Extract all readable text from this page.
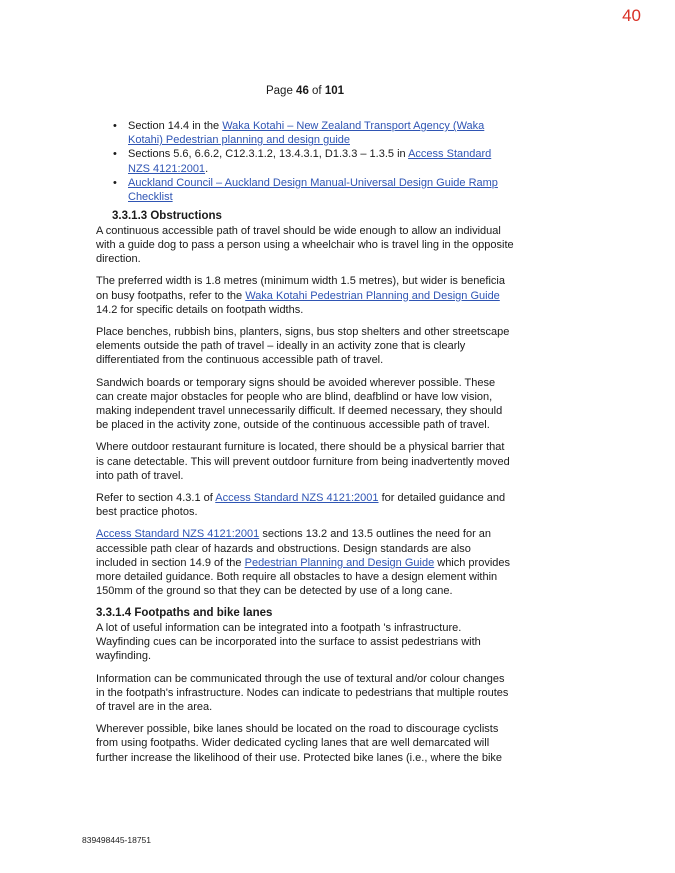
40
Page 46 of 101
• Section 14.4 in the Waka Kotahi – New Zealand Transport Agency (Waka Kotahi) Pedestrian planning and design guide
• Sections 5.6, 6.6.2, C12.3.1.2, 13.4.3.1, D1.3.3 – 1.3.5 in Access Standard NZS 4121:2001.
• Auckland Council – Auckland Design Manual-Universal Design Guide Ramp Checklist
3.3.1.3 Obstructions

A continuous accessible path of travel should be wide enough to allow an individual with a guide dog to pass a person using a wheelchair who is travel ling in the opposite direction.

The preferred width is 1.8 metres (minimum width 1.5 metres), but wider is beneficia on busy footpaths, refer to the Waka Kotahi Pedestrian Planning and Design Guide 14.2 for specific details on footpath widths.

Place benches, rubbish bins, planters, signs, bus stop shelters and other streetscape elements outside the path of travel – ideally in an activity zone that is clearly differentiated from the continuous accessible path of travel.

Sandwich boards or temporary signs should be avoided wherever possible. These can create major obstacles for people who are blind, deafblind or have low vision, making independent travel unnecessarily difficult. If deemed necessary, they should be placed in the activity zone, outside of the continuous accessible path of travel.

Where outdoor restaurant furniture is located, there should be a physical barrier that is cane detectable. This will prevent outdoor furniture from being inadvertently moved into path of travel.

Refer to section 4.3.1 of Access Standard NZS 4121:2001 for detailed guidance and best practice photos.

Access Standard NZS 4121:2001 sections 13.2 and 13.5 outlines the need for an accessible path clear of hazards and obstructions. Design standards are also included in section 14.9 of the Pedestrian Planning and Design Guide which provides more detailed guidance. Both require all obstacles to have a design element within 150mm of the ground so that they can be detected by use of a long cane.

3.3.1.4 Footpaths and bike lanes

A lot of useful information can be integrated into a footpath 's infrastructure. Wayfinding cues can be incorporated into the surface to assist pedestrians with wayfinding.

Information can be communicated through the use of textural and/or colour changes in the footpath's infrastructure. Nodes can indicate to pedestrians that multiple routes of travel are in the area.

Wherever possible, bike lanes should be located on the road to discourage cyclists from using footpaths. Wider dedicated cycling lanes that are well demarcated will further increase the likelihood of their use. Protected bike lanes (i.e., where the bike

839498445-18751
